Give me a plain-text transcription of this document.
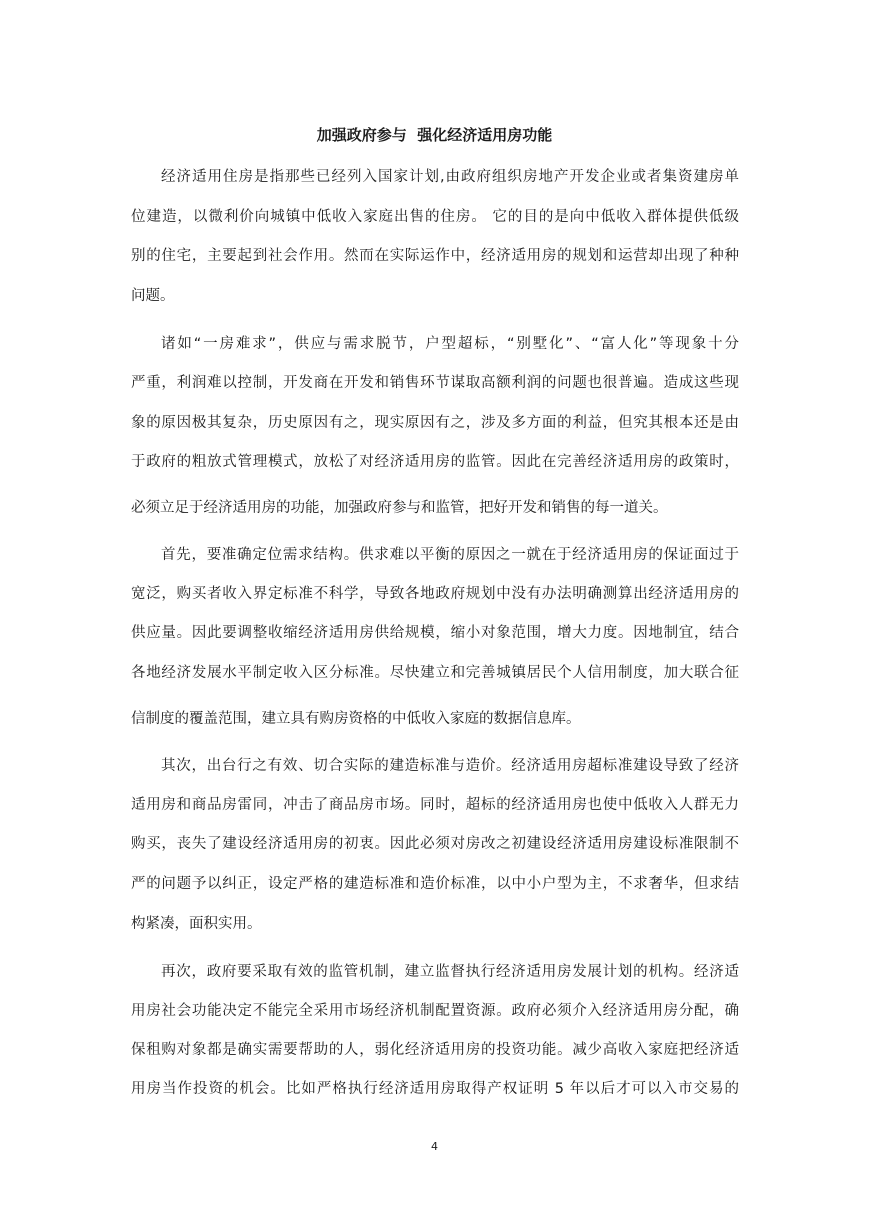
加强政府参与  强化经济适用房功能
经济适用住房是指那些已经列入国家计划,由政府组织房地产开发企业或者集资建房单
位建造，以微利价向城镇中低收入家庭出售的住房。 它的目的是向中低收入群体提供低级
别的住宅，主要起到社会作用。然而在实际运作中，经济适用房的规划和运营却出现了种种
问题。
诸如“一房难求”，供应与需求脱节，户型超标，“别墅化”、“富人化”等现象十分
严重，利润难以控制，开发商在开发和销售环节谋取高额利润的问题也很普遍。造成这些现
象的原因极其复杂，历史原因有之，现实原因有之，涉及多方面的利益，但究其根本还是由
于政府的粗放式管理模式，放松了对经济适用房的监管。因此在完善经济适用房的政策时，
必须立足于经济适用房的功能，加强政府参与和监管，把好开发和销售的每一道关。
首先，要准确定位需求结构。供求难以平衡的原因之一就在于经济适用房的保证面过于
宽泛，购买者收入界定标准不科学，导致各地政府规划中没有办法明确测算出经济适用房的
供应量。因此要调整收缩经济适用房供给规模，缩小对象范围，增大力度。因地制宜，结合
各地经济发展水平制定收入区分标准。尽快建立和完善城镇居民个人信用制度，加大联合征
信制度的覆盖范围，建立具有购房资格的中低收入家庭的数据信息库。
其次，出台行之有效、切合实际的建造标准与造价。经济适用房超标准建设导致了经济
适用房和商品房雷同，冲击了商品房市场。同时，超标的经济适用房也使中低收入人群无力
购买，丧失了建设经济适用房的初衷。因此必须对房改之初建设经济适用房建设标准限制不
严的问题予以纠正，设定严格的建造标准和造价标准，以中小户型为主，不求奢华，但求结
构紧凑，面积实用。
再次，政府要采取有效的监管机制，建立监督执行经济适用房发展计划的机构。经济适
用房社会功能决定不能完全采用市场经济机制配置资源。政府必须介入经济适用房分配，确
保租购对象都是确实需要帮助的人，弱化经济适用房的投资功能。减少高收入家庭把经济适
用房当作投资的机会。比如严格执行经济适用房取得产权证明 5 年以后才可以入市交易的
4
